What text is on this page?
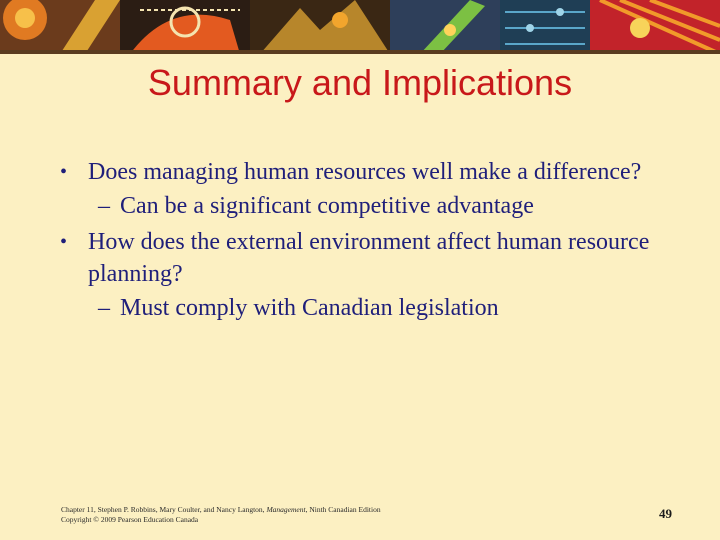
Summary and Implications
• Does managing human resources well make a difference?
– Can be a significant competitive advantage
• How does the external environment affect human resource planning?
– Must comply with Canadian legislation
Chapter 11, Stephen P. Robbins, Mary Coulter, and Nancy Langton, Management, Ninth Canadian Edition
Copyright © 2009 Pearson Education Canada	49
